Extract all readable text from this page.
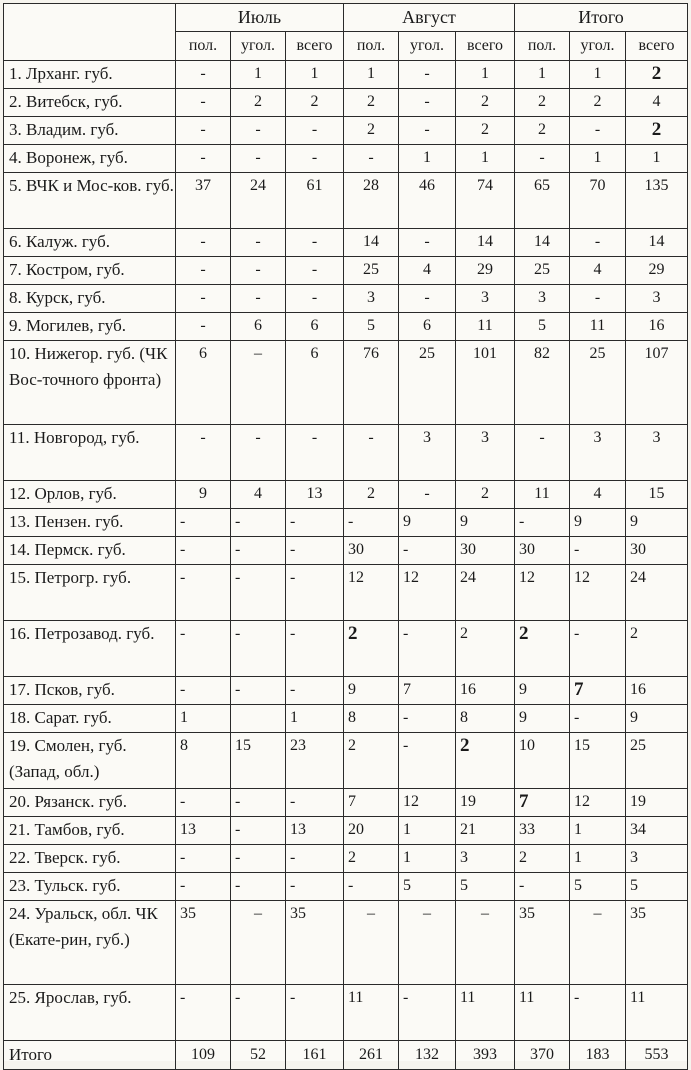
	Июль			Август			Итого		
	пол.	угол.	всего	пол.	угол.	всего	пол.	угол.	всего
1. Лрханг. губ.	-	1	1	1	-	1	1	1	2
2. Витебск, губ.	-	2	2	2	-	2	2	2	4
3. Владим. губ.	-	-	-	2	-	2	2	-	2
4. Воронеж, губ.	-	-	-	-	1	1	-	1	1
5. ВЧК и Мос-ков. губ.	37	24	61	28	46	74	65	70	135
6. Калуж. губ.	-	-	-	14	-	14	14	-	14
7. Костром, губ.	-	-	-	25	4	29	25	4	29
8. Курск, губ.	-	-	-	3	-	3	3	-	3
9. Могилев, губ.	-	6	6	5	6	11	5	11	16
10. Нижегор. губ. (ЧК Вос-точного фронта)	6	–	6	76	25	101	82	25	107
11. Новгород, губ.	-	-	-	-	3	3	-	3	3
12. Орлов, губ.	9	4	13	2	-	2	11	4	15
13. Пензен. губ.	-	-	-	-	9	9	-	9	9
14. Пермск. губ.	-	-	-	30	-	30	30	-	30
15. Петрогр. губ.	-	-	-	12	12	24	12	12	24
16. Петрозавод. губ.	-	-	-	2	-	2	2	-	2
17. Псков, губ.	-	-	-	9	7	16	9	7	16
18. Сарат. губ.	1		1	8	-	8	9	-	9
19. Смолен, губ. (Запад, обл.)	8	15	23	2	-	2	10	15	25
20. Рязанск. губ.	-	-	-	7	12	19	7	12	19
21. Тамбов, губ.	13	-	13	20	1	21	33	1	34
22. Тверск. губ.	-	-	-	2	1	3	2	1	3
23. Тульск. губ.	-	-	-	-	5	5	-	5	5
24. Уральск, обл. ЧК (Екате-рин, губ.)	35	–	35	–	–	–	35	–	35
25. Ярослав, губ.	-	-	-	11	-	11	11	-	11
Итого	109	52	161	261	132	393	370	183	553
